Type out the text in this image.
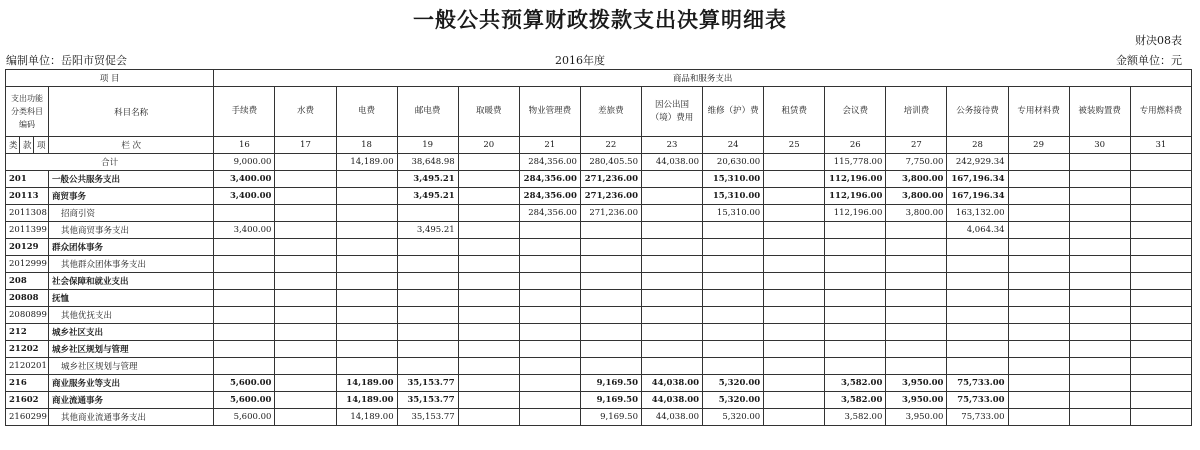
一般公共预算财政拨款支出决算明细表
财决08表
编制单位：岳阳市贸促会	2016年度	金额单位：元
项 目				商品和服务支出															
支出功能分类科目编码			科目名称	手续费	水费	电费	邮电费	取暖费	物业管理费	差旅费	因公出国（境）费用	维修（护）费	租赁费	会议费	培训费	公务接待费	专用材料费	被装购置费	专用燃料费
类	款	项	栏 次	16	17	18	19	20	21	22	23	24	25	26	27	28	29	30	31
合计				9,000.00		14,189.00	38,648.98		284,356.00	280,405.50	44,038.00	20,630.00		115,778.00	7,750.00	242,929.34			
201			一般公共服务支出	3,400.00			3,495.21		284,356.00	271,236.00		15,310.00		112,196.00	3,800.00	167,196.34			
20113			商贸事务	3,400.00			3,495.21		284,356.00	271,236.00		15,310.00		112,196.00	3,800.00	167,196.34			
2011308			招商引资						284,356.00	271,236.00		15,310.00		112,196.00	3,800.00	163,132.00			
2011399			其他商贸事务支出	3,400.00			3,495.21									4,064.34			
20129			群众团体事务																
2012999			其他群众团体事务支出																
208			社会保障和就业支出																
20808			抚恤																
2080899			其他优抚支出																
212			城乡社区支出																
21202			城乡社区规划与管理																
2120201			城乡社区规划与管理																
216			商业服务业等支出	5,600.00		14,189.00	35,153.77			9,169.50	44,038.00	5,320.00		3,582.00	3,950.00	75,733.00			
21602			商业流通事务	5,600.00		14,189.00	35,153.77			9,169.50	44,038.00	5,320.00		3,582.00	3,950.00	75,733.00			
2160299			其他商业流通事务支出	5,600.00		14,189.00	35,153.77			9,169.50	44,038.00	5,320.00		3,582.00	3,950.00	75,733.00			
